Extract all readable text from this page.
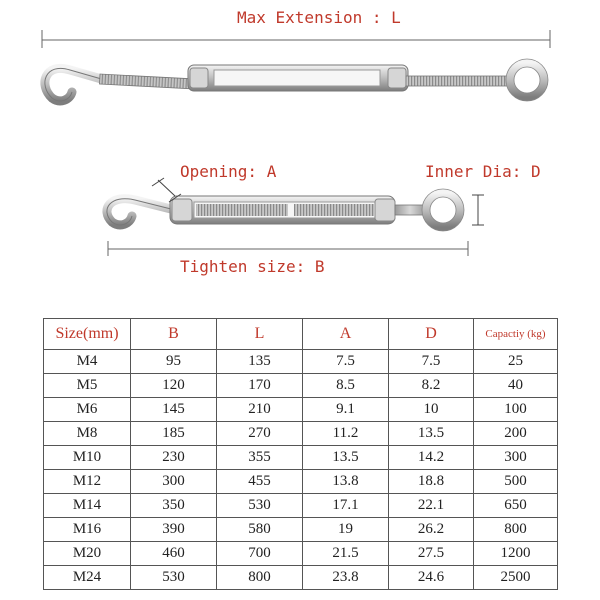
Max Extension : L
Opening: A	Inner Dia: D
Tighten size: B
Size(mm)	B	L	A	D	Capactiy (kg)
M4	95	135	7.5	7.5	25
M5	120	170	8.5	8.2	40
M6	145	210	9.1	10	100
M8	185	270	11.2	13.5	200
M10	230	355	13.5	14.2	300
M12	300	455	13.8	18.8	500
M14	350	530	17.1	22.1	650
M16	390	580	19	26.2	800
M20	460	700	21.5	27.5	1200
M24	530	800	23.8	24.6	2500
